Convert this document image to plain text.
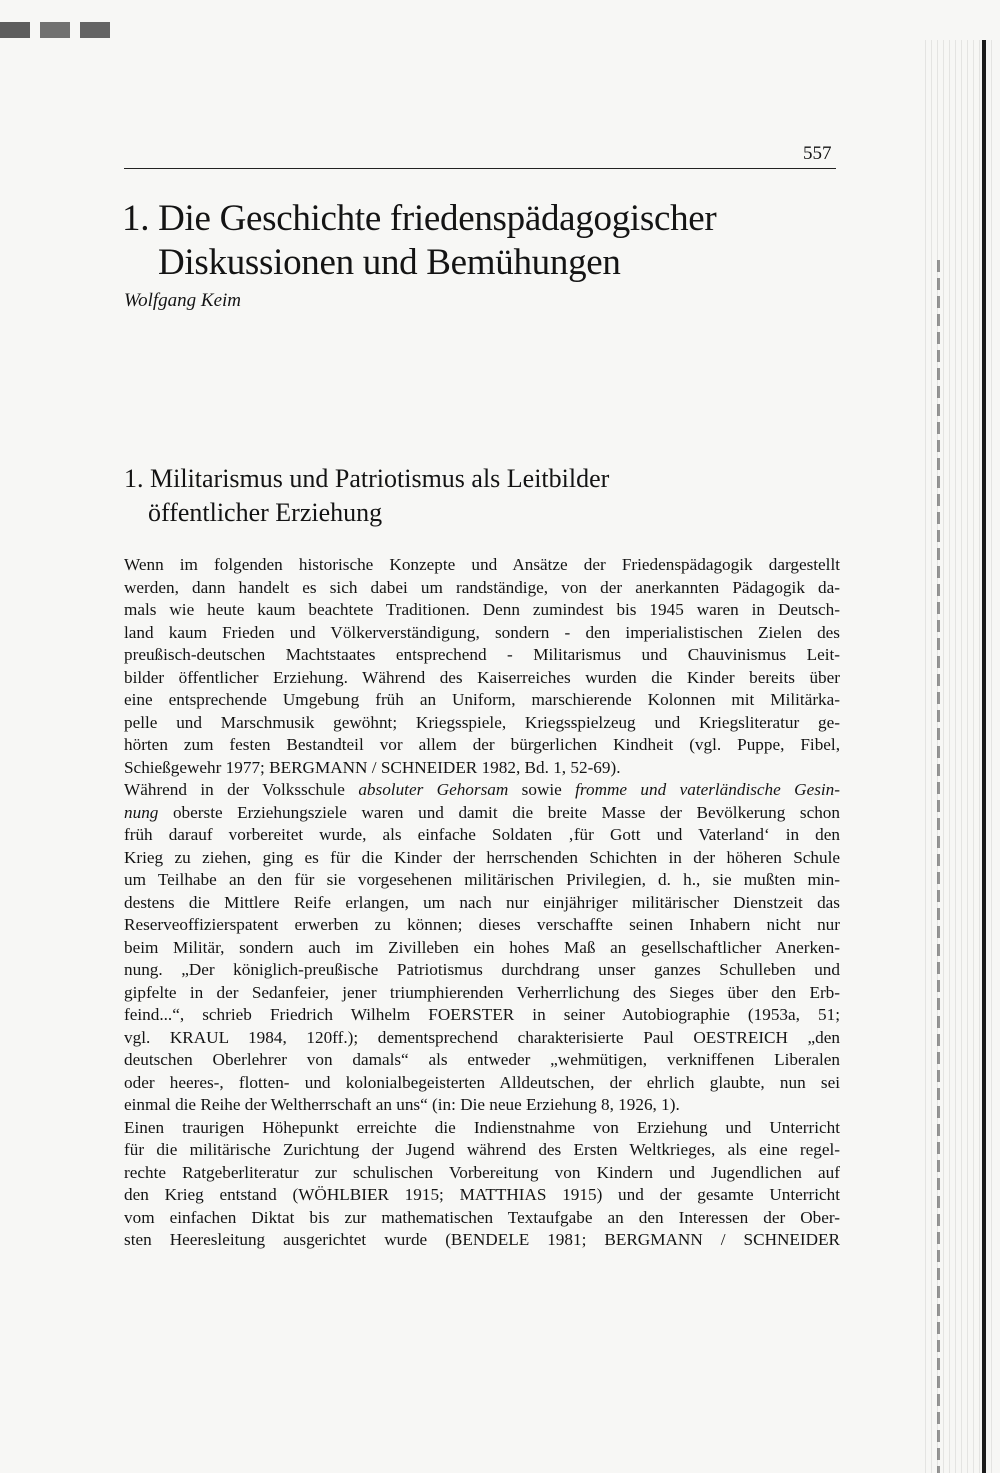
557
1. Die Geschichte friedenspädagogischer
Diskussionen und Bemühungen
Wolfgang Keim
1. Militarismus und Patriotismus als Leitbilder
öffentlicher Erziehung
Wenn im folgenden historische Konzepte und Ansätze der Friedenspädagogik dargestellt
werden, dann handelt es sich dabei um randständige, von der anerkannten Pädagogik da-
mals wie heute kaum beachtete Traditionen. Denn zumindest bis 1945 waren in Deutsch-
land kaum Frieden und Völkerverständigung, sondern - den imperialistischen Zielen des
preußisch-deutschen Machtstaates entsprechend - Militarismus und Chauvinismus Leit-
bilder öffentlicher Erziehung. Während des Kaiserreiches wurden die Kinder bereits über
eine entsprechende Umgebung früh an Uniform, marschierende Kolonnen mit Militärka-
pelle und Marschmusik gewöhnt; Kriegsspiele, Kriegsspielzeug und Kriegsliteratur ge-
hörten zum festen Bestandteil vor allem der bürgerlichen Kindheit (vgl. Puppe, Fibel,
Schießgewehr 1977; BERGMANN / SCHNEIDER 1982, Bd. 1, 52-69).
Während in der Volksschule absoluter Gehorsam sowie fromme und vaterländische Gesin-
nung oberste Erziehungsziele waren und damit die breite Masse der Bevölkerung schon
früh darauf vorbereitet wurde, als einfache Soldaten ‚für Gott und Vaterland‘ in den
Krieg zu ziehen, ging es für die Kinder der herrschenden Schichten in der höheren Schule
um Teilhabe an den für sie vorgesehenen militärischen Privilegien, d. h., sie mußten min-
destens die Mittlere Reife erlangen, um nach nur einjähriger militärischer Dienstzeit das
Reserveoffizierspatent erwerben zu können; dieses verschaffte seinen Inhabern nicht nur
beim Militär, sondern auch im Zivilleben ein hohes Maß an gesellschaftlicher Anerken-
nung. „Der königlich-preußische Patriotismus durchdrang unser ganzes Schulleben und
gipfelte in der Sedanfeier, jener triumphierenden Verherrlichung des Sieges über den Erb-
feind...“, schrieb Friedrich Wilhelm FOERSTER in seiner Autobiographie (1953a, 51;
vgl. KRAUL 1984, 120ff.); dementsprechend charakterisierte Paul OESTREICH „den
deutschen Oberlehrer von damals“ als entweder „wehmütigen, verkniffenen Liberalen
oder heeres-, flotten- und kolonialbegeisterten Alldeutschen, der ehrlich glaubte, nun sei
einmal die Reihe der Weltherrschaft an uns“ (in: Die neue Erziehung 8, 1926, 1).
Einen traurigen Höhepunkt erreichte die Indienstnahme von Erziehung und Unterricht
für die militärische Zurichtung der Jugend während des Ersten Weltkrieges, als eine regel-
rechte Ratgeberliteratur zur schulischen Vorbereitung von Kindern und Jugendlichen auf
den Krieg entstand (WÖHLBIER 1915; MATTHIAS 1915) und der gesamte Unterricht
vom einfachen Diktat bis zur mathematischen Textaufgabe an den Interessen der Ober-
sten Heeresleitung ausgerichtet wurde (BENDELE 1981; BERGMANN / SCHNEIDER
